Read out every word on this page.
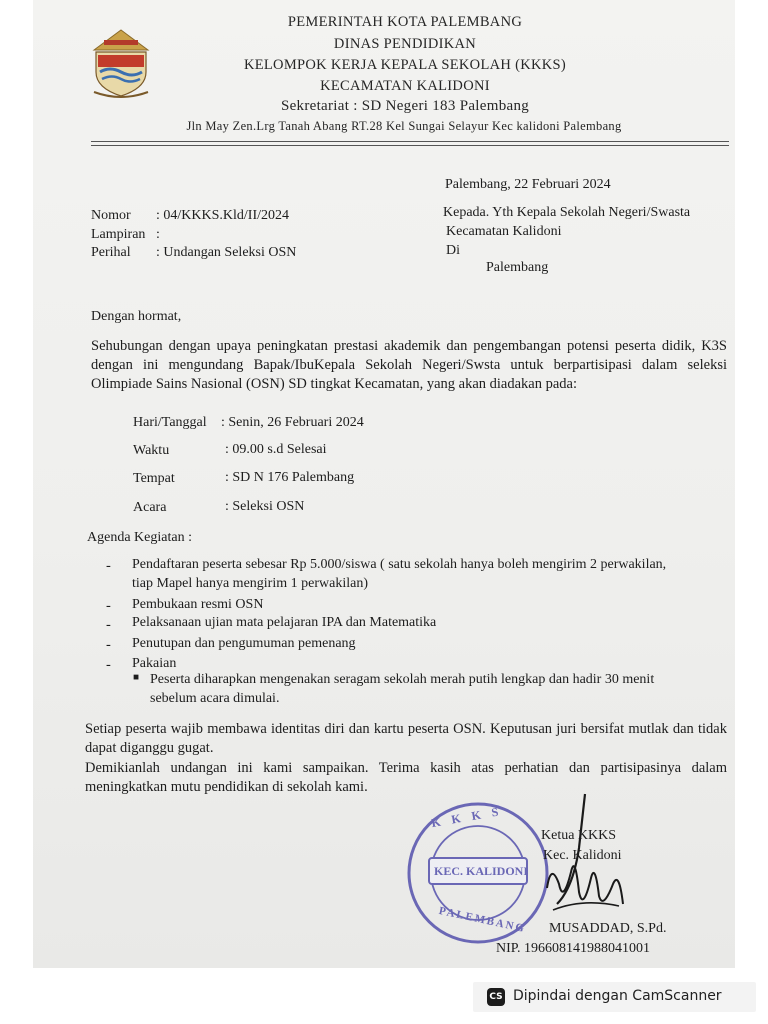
PEMERINTAH KOTA PALEMBANG
DINAS PENDIDIKAN
KELOMPOK KERJA KEPALA SEKOLAH (KKKS)
KECAMATAN KALIDONI
Sekretariat : SD Negeri 183 Palembang
Jln May Zen.Lrg Tanah Abang RT.28 Kel Sungai Selayur Kec kalidoni Palembang
Palembang, 22 Februari 2024
Nomor : 04/KKKS.Kld/II/2024
Lampiran :
Perihal : Undangan Seleksi OSN
Kepada. Yth Kepala Sekolah Negeri/Swasta
Kecamatan Kalidoni
Di
Palembang
Dengan hormat,
Sehubungan dengan upaya peningkatan prestasi akademik dan pengembangan potensi peserta didik, K3S dengan ini mengundang Bapak/IbuKepala Sekolah Negeri/Swsta untuk berpartisipasi dalam seleksi Olimpiade Sains Nasional (OSN) SD tingkat Kecamatan, yang akan diadakan pada:
Hari/Tanggal : Senin, 26 Februari 2024
Waktu	: 09.00 s.d Selesai
Tempat	: SD N 176 Palembang
Acara	: Seleksi OSN
Agenda Kegiatan :
- Pendaftaran peserta sebesar Rp 5.000/siswa ( satu sekolah hanya boleh mengirim 2 perwakilan,
tiap Mapel hanya mengirim 1 perwakilan)
- Pembukaan resmi OSN
- Pelaksanaan ujian mata pelajaran IPA dan Matematika
- Penutupan dan pengumuman pemenang
- Pakaian
■ Peserta diharapkan mengenakan seragam sekolah merah putih lengkap dan hadir 30 menit
sebelum acara dimulai.
Setiap peserta wajib membawa identitas diri dan kartu peserta OSN. Keputusan juri bersifat mutlak dan tidak dapat diganggu gugat.
Demikianlah undangan ini kami sampaikan. Terima kasih atas perhatian dan partisipasinya dalam meningkatkan mutu pendidikan di sekolah kami.
K K K S
KEC. KALIDONI
PALEMBANG
Ketua KKKS
Kec. Kalidoni
MUSADDAD, S.Pd.
NIP. 196608141988041001
CS Dipindai dengan CamScanner
